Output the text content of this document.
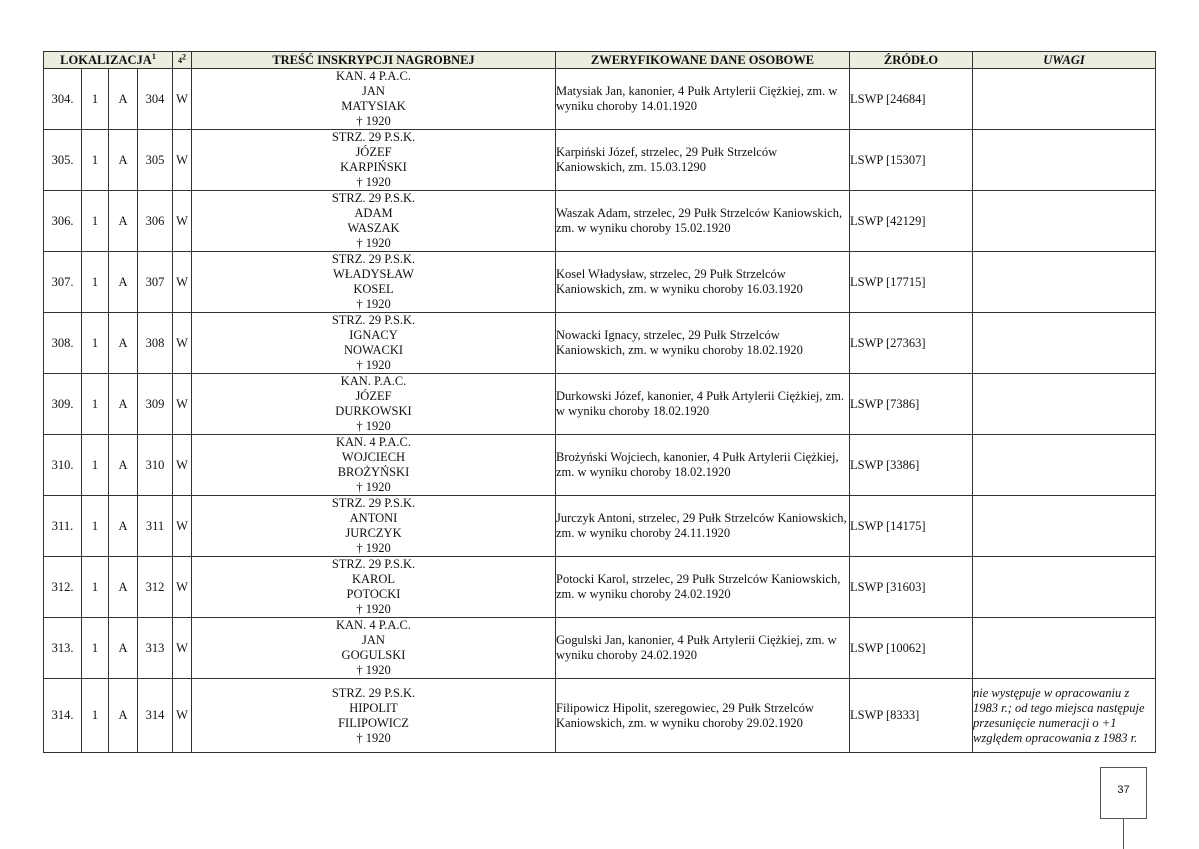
LOKALIZACJA$^1$				$4^2$	TREŚĆ INSKRYPCJI NAGROBNEJ	ZWERYFIKOWANE DANE OSOBOWE	ŹRÓDŁO	UWAGI
304.	1	A	304	W	KAN. 4 P.A.C.
JAN
MATYSIAK
† 1920	Matysiak Jan, kanonier, 4 Pułk Artylerii Ciężkiej, zm. w wyniku choroby 14.01.1920	LSWP [24684]	
305.	1	A	305	W	STRZ. 29 P.S.K.
JÓZEF
KARPIŃSKI
† 1920	Karpiński Józef, strzelec, 29 Pułk Strzelców Kaniowskich, zm. 15.03.1290	LSWP [15307]	
306.	1	A	306	W	STRZ. 29 P.S.K.
ADAM
WASZAK
† 1920	Waszak Adam, strzelec, 29 Pułk Strzelców Kaniowskich, zm. w wyniku choroby 15.02.1920	LSWP [42129]	
307.	1	A	307	W	STRZ. 29 P.S.K.
WŁADYSŁAW
KOSEL
† 1920	Kosel Władysław, strzelec, 29 Pułk Strzelców Kaniowskich, zm. w wyniku choroby 16.03.1920	LSWP [17715]	
308.	1	A	308	W	STRZ. 29 P.S.K.
IGNACY
NOWACKI
† 1920	Nowacki Ignacy, strzelec, 29 Pułk Strzelców Kaniowskich, zm. w wyniku choroby 18.02.1920	LSWP [27363]	
309.	1	A	309	W	KAN. P.A.C.
JÓZEF
DURKOWSKI
† 1920	Durkowski Józef, kanonier, 4 Pułk Artylerii Ciężkiej, zm. w wyniku choroby 18.02.1920	LSWP [7386]	
310.	1	A	310	W	KAN. 4 P.A.C.
WOJCIECH
BROŻYŃSKI
† 1920	Brożyński Wojciech, kanonier, 4 Pułk Artylerii Ciężkiej, zm. w wyniku choroby 18.02.1920	LSWP [3386]	
311.	1	A	311	W	STRZ. 29 P.S.K.
ANTONI
JURCZYK
† 1920	Jurczyk Antoni, strzelec, 29 Pułk Strzelców Kaniowskich, zm. w wyniku choroby 24.11.1920	LSWP [14175]	
312.	1	A	312	W	STRZ. 29 P.S.K.
KAROL
POTOCKI
† 1920	Potocki Karol, strzelec, 29 Pułk Strzelców Kaniowskich, zm. w wyniku choroby 24.02.1920	LSWP [31603]	
313.	1	A	313	W	KAN. 4 P.A.C.
JAN
GOGULSKI
† 1920	Gogulski Jan, kanonier, 4 Pułk Artylerii Ciężkiej, zm. w wyniku choroby 24.02.1920	LSWP [10062]	
314.	1	A	314	W	STRZ. 29 P.S.K.
HIPOLIT
FILIPOWICZ
† 1920	Filipowicz Hipolit, szeregowiec, 29 Pułk Strzelców Kaniowskich, zm. w wyniku choroby 29.02.1920	LSWP [8333]	nie występuje w opracowaniu z 1983 r.; od tego miejsca następuje przesunięcie numeracji o +1 względem opracowania z 1983 r.
37
